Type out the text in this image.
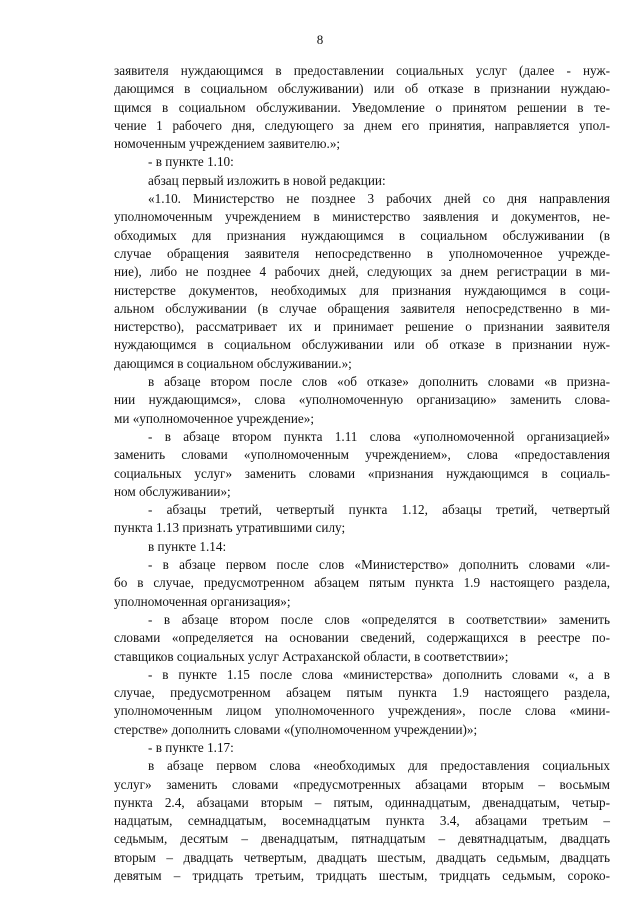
8
заявителя нуждающимся в предоставлении социальных услуг (далее - нуж-
дающимся в социальном обслуживании) или об отказе в признании нуждаю-
щимся в социальном обслуживании. Уведомление о принятом решении в те-
чение 1 рабочего дня, следующего за днем его принятия, направляется упол-
номоченным учреждением заявителю.»;
- в пункте 1.10:
абзац первый изложить в новой редакции:
«1.10. Министерство не позднее 3 рабочих дней со дня направления
уполномоченным учреждением в министерство заявления и документов, не-
обходимых для признания нуждающимся в социальном обслуживании (в
случае обращения заявителя непосредственно в уполномоченное учрежде-
ние), либо не позднее 4 рабочих дней, следующих за днем регистрации в ми-
нистерстве документов, необходимых для признания нуждающимся в соци-
альном обслуживании (в случае обращения заявителя непосредственно в ми-
нистерство), рассматривает их и принимает решение о признании заявителя
нуждающимся в социальном обслуживании или об отказе в признании нуж-
дающимся в социальном обслуживании.»;
в абзаце втором после слов «об отказе» дополнить словами «в призна-
нии нуждающимся», слова «уполномоченную организацию» заменить слова-
ми «уполномоченное учреждение»;
- в абзаце втором пункта 1.11 слова «уполномоченной организацией»
заменить словами «уполномоченным учреждением», слова «предоставления
социальных услуг» заменить словами «признания нуждающимся в социаль-
ном обслуживании»;
- абзацы третий, четвертый пункта 1.12, абзацы третий, четвертый
пункта 1.13 признать утратившими силу;
в пункте 1.14:
- в абзаце первом после слов «Министерство» дополнить словами «ли-
бо в случае, предусмотренном абзацем пятым пункта 1.9 настоящего раздела,
уполномоченная организация»;
- в абзаце втором после слов «определятся в соответствии» заменить
словами «определяется на основании сведений, содержащихся в реестре по-
ставщиков социальных услуг Астраханской области, в соответствии»;
- в пункте 1.15 после слова «министерства» дополнить словами «, а в
случае, предусмотренном абзацем пятым пункта 1.9 настоящего раздела,
уполномоченным лицом уполномоченного учреждения», после слова «мини-
стерстве» дополнить словами «(уполномоченном учреждении)»;
- в пункте 1.17:
в абзаце первом слова «необходимых для предоставления социальных
услуг» заменить словами «предусмотренных абзацами вторым – восьмым
пункта 2.4, абзацами вторым – пятым, одиннадцатым, двенадцатым, четыр-
надцатым, семнадцатым, восемнадцатым пункта 3.4, абзацами третьим –
седьмым, десятым – двенадцатым, пятнадцатым – девятнадцатым, двадцать
вторым – двадцать четвертым, двадцать шестым, двадцать седьмым, двадцать
девятым – тридцать третьим, тридцать шестым, тридцать седьмым, сороко-
